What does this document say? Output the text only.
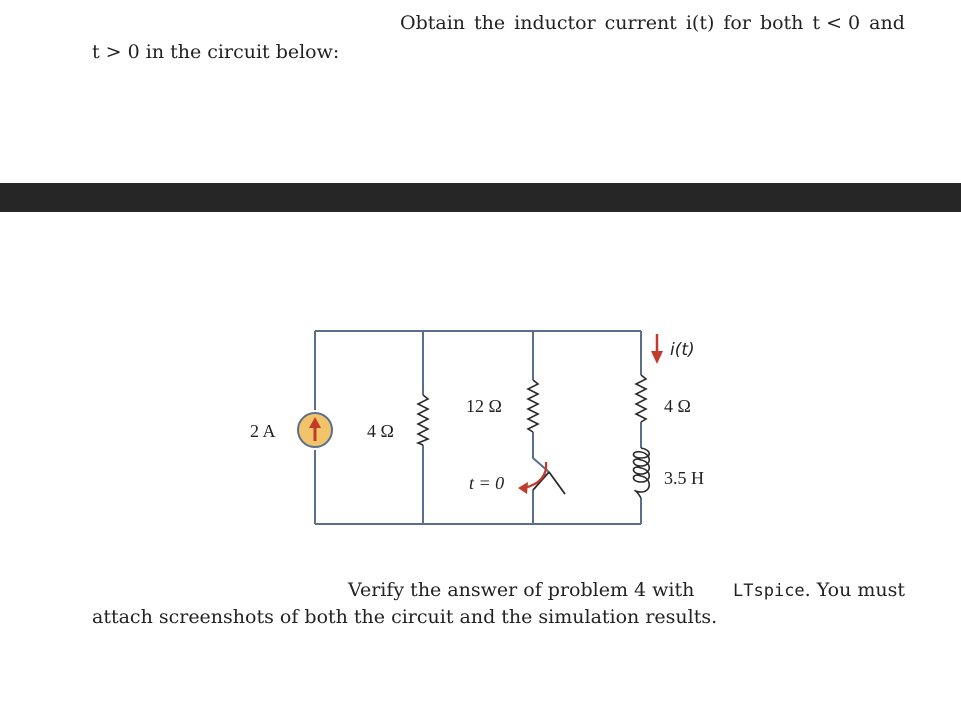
Obtain the inductor current i(t) for both t < 0 and
t > 0 in the circuit below:
2 A	4 Ω
12 Ω
t = 0
i(t)
4 Ω
3.5 H
Verify the answer of problem 4 with LTspice. You must
attach screenshots of both the circuit and the simulation results.
